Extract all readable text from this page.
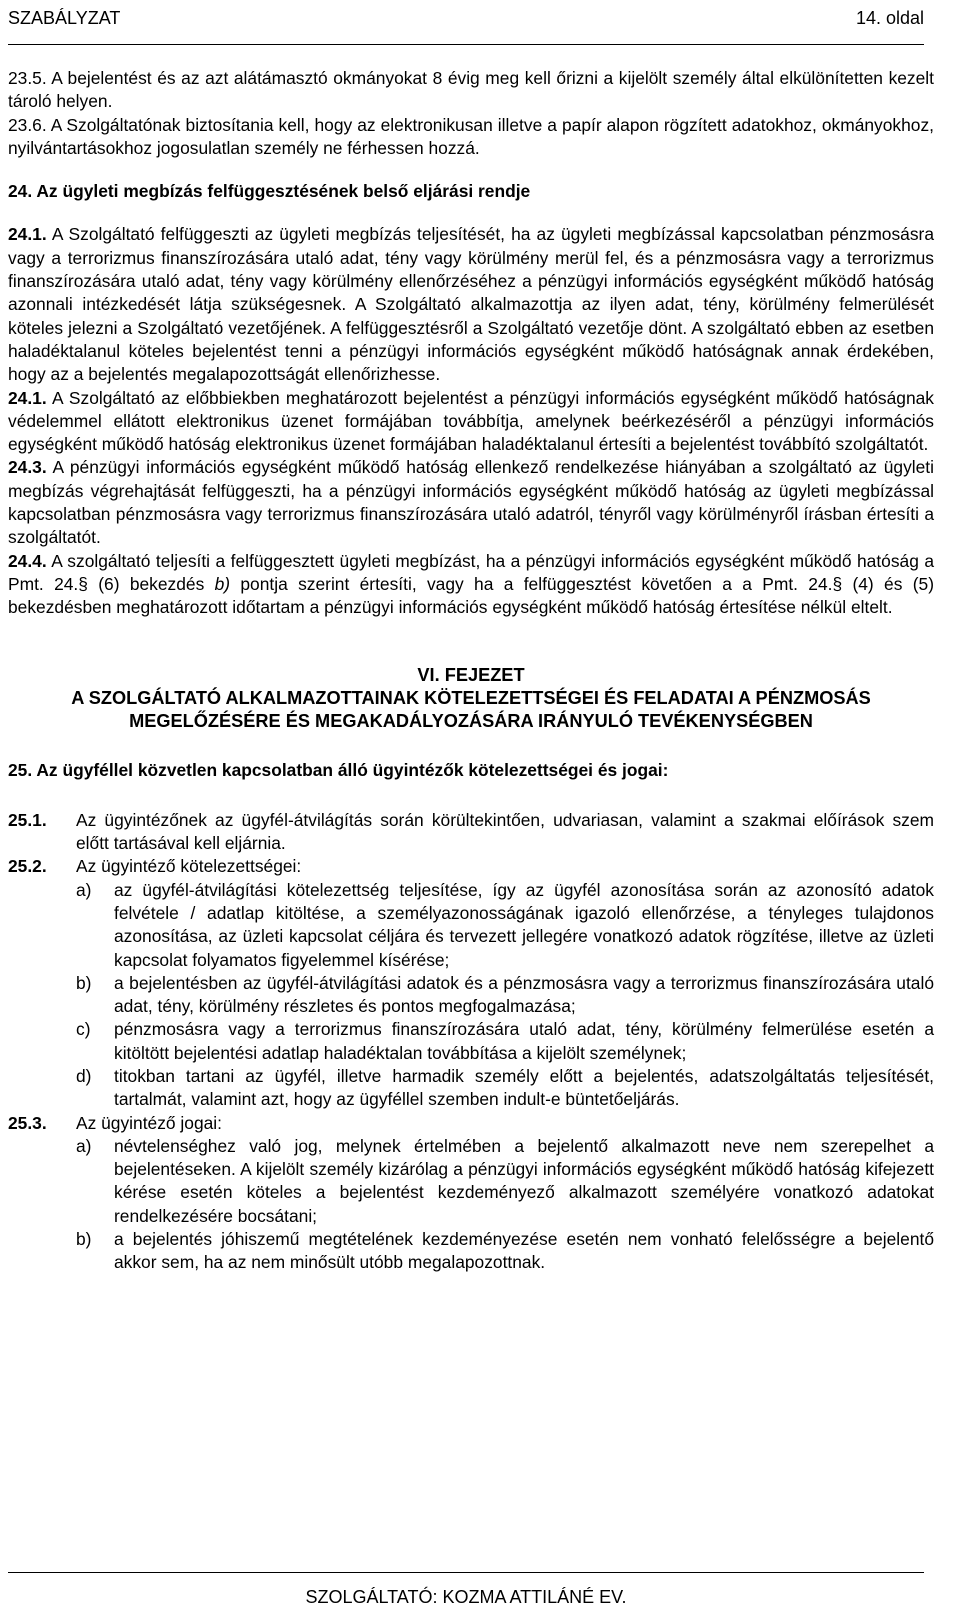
SZABÁLYZAT	14. oldal

23.5. A bejelentést és az azt alátámasztó okmányokat 8 évig meg kell őrizni a kijelölt személy által elkülönítetten kezelt tároló helyen.

23.6. A Szolgáltatónak biztosítania kell, hogy az elektronikusan illetve a papír alapon rögzített adatokhoz, okmányokhoz, nyilvántartásokhoz jogosulatlan személy ne férhessen hozzá.

24. Az ügyleti megbízás felfüggesztésének belső eljárási rendje

24.1. A Szolgáltató felfüggeszti az ügyleti megbízás teljesítését, ha az ügyleti megbízással kapcsolatban pénzmosásra vagy a terrorizmus finanszírozására utaló adat, tény vagy körülmény merül fel, és a pénzmosásra vagy a terrorizmus finanszírozására utaló adat, tény vagy körülmény ellenőrzéséhez a pénzügyi információs egységként működő hatóság azonnali intézkedését látja szükségesnek. A Szolgáltató alkalmazottja az ilyen adat, tény, körülmény felmerülését köteles jelezni a Szolgáltató vezetőjének. A felfüggesztésről a Szolgáltató vezetője dönt. A szolgáltató ebben az esetben haladéktalanul köteles bejelentést tenni a pénzügyi információs egységként működő hatóságnak annak érdekében, hogy az a bejelentés megalapozottságát ellenőrizhesse.

24.1. A Szolgáltató az előbbiekben meghatározott bejelentést a pénzügyi információs egységként működő hatóságnak védelemmel ellátott elektronikus üzenet formájában továbbítja, amelynek beérkezéséről a pénzügyi információs egységként működő hatóság elektronikus üzenet formájában haladéktalanul értesíti a bejelentést továbbító szolgáltatót.

24.3. A pénzügyi információs egységként működő hatóság ellenkező rendelkezése hiányában a szolgáltató az ügyleti megbízás végrehajtását felfüggeszti, ha a pénzügyi információs egységként működő hatóság az ügyleti megbízással kapcsolatban pénzmosásra vagy terrorizmus finanszírozására utaló adatról, tényről vagy körülményről írásban értesíti a szolgáltatót.

24.4. A szolgáltató teljesíti a felfüggesztett ügyleti megbízást, ha a pénzügyi információs egységként működő hatóság a Pmt. 24.§ (6) bekezdés b) pontja szerint értesíti, vagy ha a felfüggesztést követően a a Pmt. 24.§ (4) és (5) bekezdésben meghatározott időtartam a pénzügyi információs egységként működő hatóság értesítése nélkül eltelt.

VI. FEJEZET

A SZOLGÁLTATÓ ALKALMAZOTTAINAK KÖTELEZETTSÉGEI ÉS FELADATAI A PÉNZMOSÁS

MEGELŐZÉSÉRE ÉS MEGAKADÁLYOZÁSÁRA IRÁNYULÓ TEVÉKENYSÉGBEN

25. Az ügyféllel közvetlen kapcsolatban álló ügyintézők kötelezettségei és jogai:

25.1.	Az ügyintézőnek az ügyfél-átvilágítás során körültekintően, udvariasan, valamint a szakmai előírások szem előtt tartásával kell eljárnia.
25.2.	Az ügyintéző kötelezettségei:
a)	az ügyfél-átvilágítási kötelezettség teljesítése, így az ügyfél azonosítása során az azonosító adatok felvétele / adatlap kitöltése, a személyazonosságának igazoló ellenőrzése, a tényleges tulajdonos azonosítása, az üzleti kapcsolat céljára és tervezett jellegére vonatkozó adatok rögzítése, illetve az üzleti kapcsolat folyamatos figyelemmel kísérése;
b)	a bejelentésben az ügyfél-átvilágítási adatok és a pénzmosásra vagy a terrorizmus finanszírozására utaló adat, tény, körülmény részletes és pontos megfogalmazása;
c)	pénzmosásra vagy a terrorizmus finanszírozására utaló adat, tény, körülmény felmerülése esetén a kitöltött bejelentési adatlap haladéktalan továbbítása a kijelölt személynek;
d)	titokban tartani az ügyfél, illetve harmadik személy előtt a bejelentés, adatszolgáltatás teljesítését, tartalmát, valamint azt, hogy az ügyféllel szemben indult-e büntetőeljárás.
25.3.	Az ügyintéző jogai:
a)	névtelenséghez való jog, melynek értelmében a bejelentő alkalmazott neve nem szerepelhet a bejelentéseken. A kijelölt személy kizárólag a pénzügyi információs egységként működő hatóság kifejezett kérése esetén köteles a bejelentést kezdeményező alkalmazott személyére vonatkozó adatokat rendelkezésére bocsátani;
b)	a bejelentés jóhiszemű megtételének kezdeményezése esetén nem vonható felelősségre a bejelentő akkor sem, ha az nem minősült utóbb megalapozottnak.
SZOLGÁLTATÓ: KOZMA ATTILÁNÉ EV.
